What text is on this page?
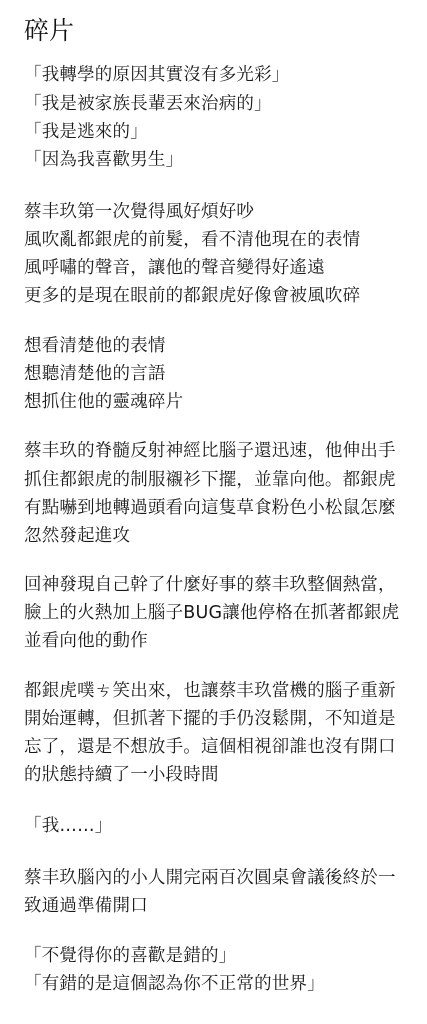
碎片
「我轉學的原因其實沒有多光彩」
「我是被家族長輩丟來治病的」
「我是逃來的」
「因為我喜歡男生」
蔡丰玖第一次覺得風好煩好吵
風吹亂都銀虎的前髮，看不清他現在的表情
風呼嘯的聲音，讓他的聲音變得好遙遠
更多的是現在眼前的都銀虎好像會被風吹碎
想看清楚他的表情
想聽清楚他的言語
想抓住他的靈魂碎片
蔡丰玖的脊髓反射神經比腦子還迅速，他伸出手
抓住都銀虎的制服襯衫下擺，並靠向他。都銀虎
有點嚇到地轉過頭看向這隻草食粉色小松鼠怎麼
忽然發起進攻
回神發現自己幹了什麼好事的蔡丰玖整個熱當，
臉上的火熱加上腦子BUG讓他停格在抓著都銀虎
並看向他的動作
都銀虎噗ㄘ笑出來，也讓蔡丰玖當機的腦子重新
開始運轉，但抓著下擺的手仍沒鬆開，不知道是
忘了，還是不想放手。這個相視卻誰也沒有開口
的狀態持續了一小段時間
「我……」
蔡丰玖腦內的小人開完兩百次圓桌會議後終於一
致通過準備開口
「不覺得你的喜歡是錯的」
「有錯的是這個認為你不正常的世界」
